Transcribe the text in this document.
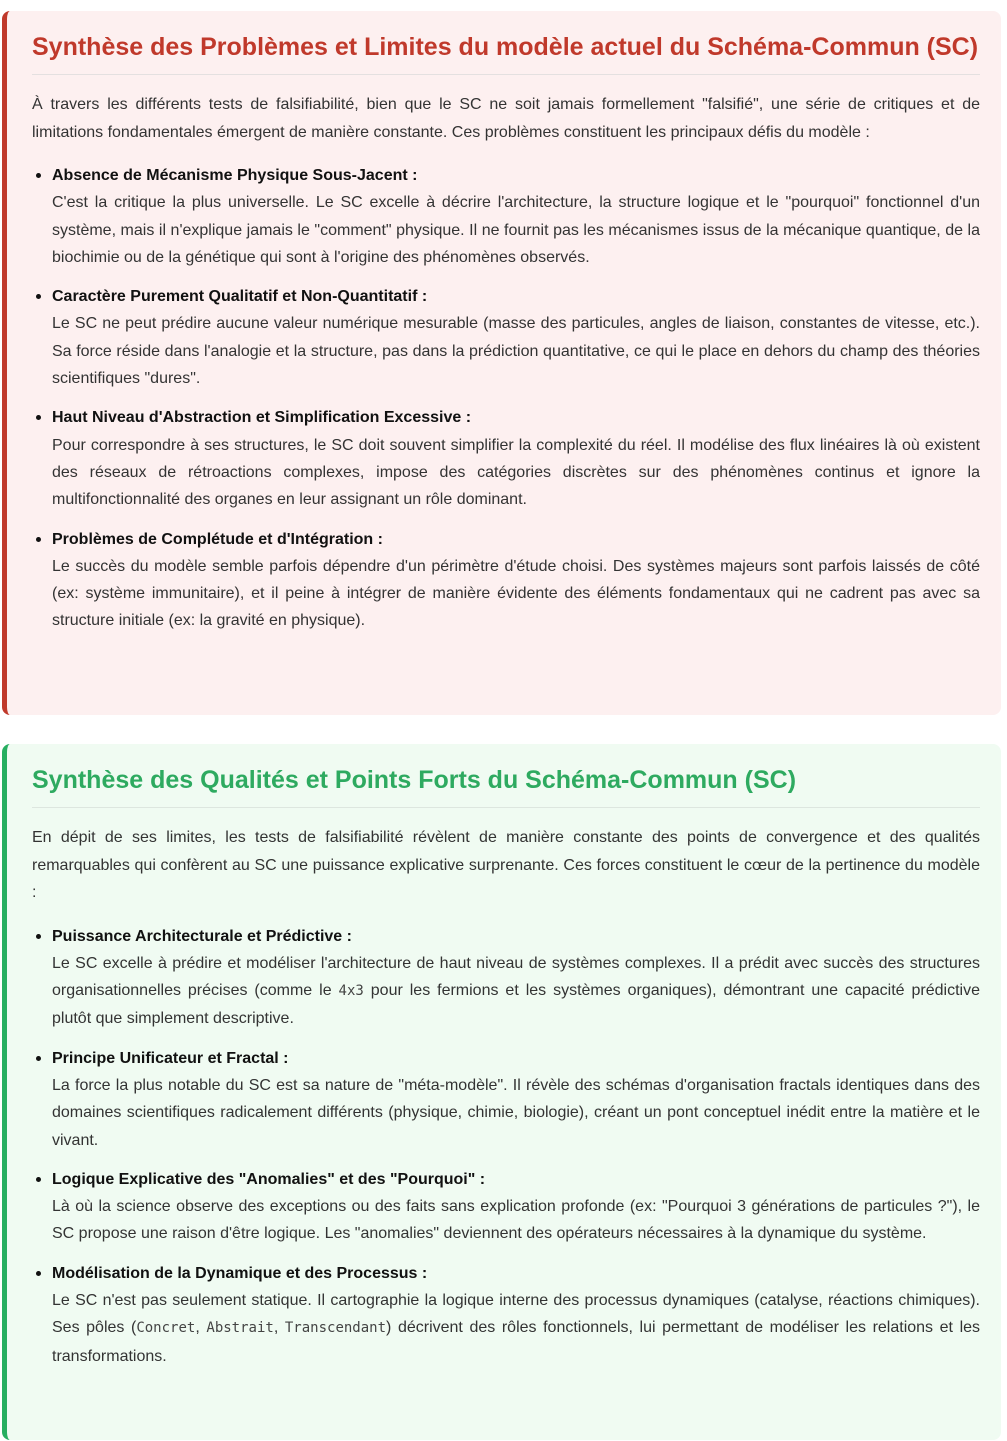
Synthèse des Problèmes et Limites du modèle actuel du Schéma-Commun (SC)

À travers les différents tests de falsifiabilité, bien que le SC ne soit jamais formellement "falsifié", une série de critiques et de limitations fondamentales émergent de manière constante. Ces problèmes constituent les principaux défis du modèle :

Absence de Mécanisme Physique Sous-Jacent :
C'est la critique la plus universelle. Le SC excelle à décrire l'architecture, la structure logique et le "pourquoi" fonctionnel d'un système, mais il n'explique jamais le "comment" physique. Il ne fournit pas les mécanismes issus de la mécanique quantique, de la biochimie ou de la génétique qui sont à l'origine des phénomènes observés.
Caractère Purement Qualitatif et Non-Quantitatif :
Le SC ne peut prédire aucune valeur numérique mesurable (masse des particules, angles de liaison, constantes de vitesse, etc.). Sa force réside dans l'analogie et la structure, pas dans la prédiction quantitative, ce qui le place en dehors du champ des théories scientifiques "dures".
Haut Niveau d'Abstraction et Simplification Excessive :
Pour correspondre à ses structures, le SC doit souvent simplifier la complexité du réel. Il modélise des flux linéaires là où existent des réseaux de rétroactions complexes, impose des catégories discrètes sur des phénomènes continus et ignore la multifonctionnalité des organes en leur assignant un rôle dominant.
Problèmes de Complétude et d'Intégration :
Le succès du modèle semble parfois dépendre d'un périmètre d'étude choisi. Des systèmes majeurs sont parfois laissés de côté (ex: système immunitaire), et il peine à intégrer de manière évidente des éléments fondamentaux qui ne cadrent pas avec sa structure initiale (ex: la gravité en physique).
Synthèse des Qualités et Points Forts du Schéma-Commun (SC)

En dépit de ses limites, les tests de falsifiabilité révèlent de manière constante des points de convergence et des qualités remarquables qui confèrent au SC une puissance explicative surprenante. Ces forces constituent le cœur de la pertinence du modèle :

Puissance Architecturale et Prédictive :
Le SC excelle à prédire et modéliser l'architecture de haut niveau de systèmes complexes. Il a prédit avec succès des structures organisationnelles précises (comme le 4x3 pour les fermions et les systèmes organiques), démontrant une capacité prédictive plutôt que simplement descriptive.
Principe Unificateur et Fractal :
La force la plus notable du SC est sa nature de "méta-modèle". Il révèle des schémas d'organisation fractals identiques dans des domaines scientifiques radicalement différents (physique, chimie, biologie), créant un pont conceptuel inédit entre la matière et le vivant.
Logique Explicative des "Anomalies" et des "Pourquoi" :
Là où la science observe des exceptions ou des faits sans explication profonde (ex: "Pourquoi 3 générations de particules ?"), le SC propose une raison d'être logique. Les "anomalies" deviennent des opérateurs nécessaires à la dynamique du système.
Modélisation de la Dynamique et des Processus :
Le SC n'est pas seulement statique. Il cartographie la logique interne des processus dynamiques (catalyse, réactions chimiques). Ses pôles (Concret, Abstrait, Transcendant) décrivent des rôles fonctionnels, lui permettant de modéliser les relations et les transformations.
